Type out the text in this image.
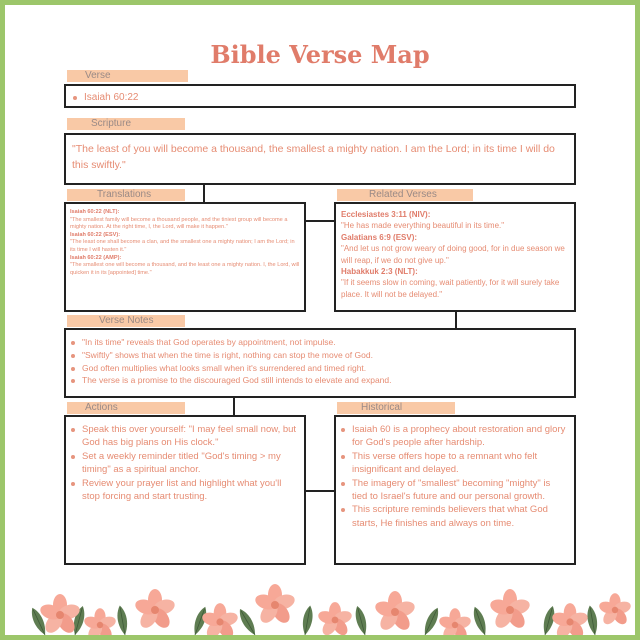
Bible Verse Map
Verse
Isaiah 60:22
Scripture
"The least of you will become a thousand, the smallest a mighty nation. I am the Lord; in its time I will do this swiftly."
Translations
Isaiah 60:22 (NLT):
"The smallest family will become a thousand people, and the tiniest group will become a mighty nation. At the right time, I, the Lord, will make it happen."
Isaiah 60:22 (ESV):
"The least one shall become a clan, and the smallest one a mighty nation; I am the Lord; in its time I will hasten it."
Isaiah 60:22 (AMP):
"The smallest one will become a thousand, and the least one a mighty nation. I, the Lord, will quicken it in its [appointed] time."
Related Verses
Ecclesiastes 3:11 (NIV):
"He has made everything beautiful in its time."
Galatians 6:9 (ESV):
"And let us not grow weary of doing good, for in due season we will reap, if we do not give up."
Habakkuk 2:3 (NLT):
"If it seems slow in coming, wait patiently, for it will surely take place. It will not be delayed."
Verse Notes
"In its time" reveals that God operates by appointment, not impulse.
"Swiftly" shows that when the time is right, nothing can stop the move of God.
God often multiplies what looks small when it's surrendered and timed right.
The verse is a promise to the discouraged God still intends to elevate and expand.
Actions
Speak this over yourself: "I may feel small now, but God has big plans on His clock."
Set a weekly reminder titled "God's timing > my timing" as a spiritual anchor.
Review your prayer list and highlight what you'll stop forcing and start trusting.
Historical
Isaiah 60 is a prophecy about restoration and glory for God's people after hardship.
This verse offers hope to a remnant who felt insignificant and delayed.
The imagery of "smallest" becoming "mighty" is tied to Israel's future and our personal growth.
This scripture reminds believers that what God starts, He finishes and always on time.
